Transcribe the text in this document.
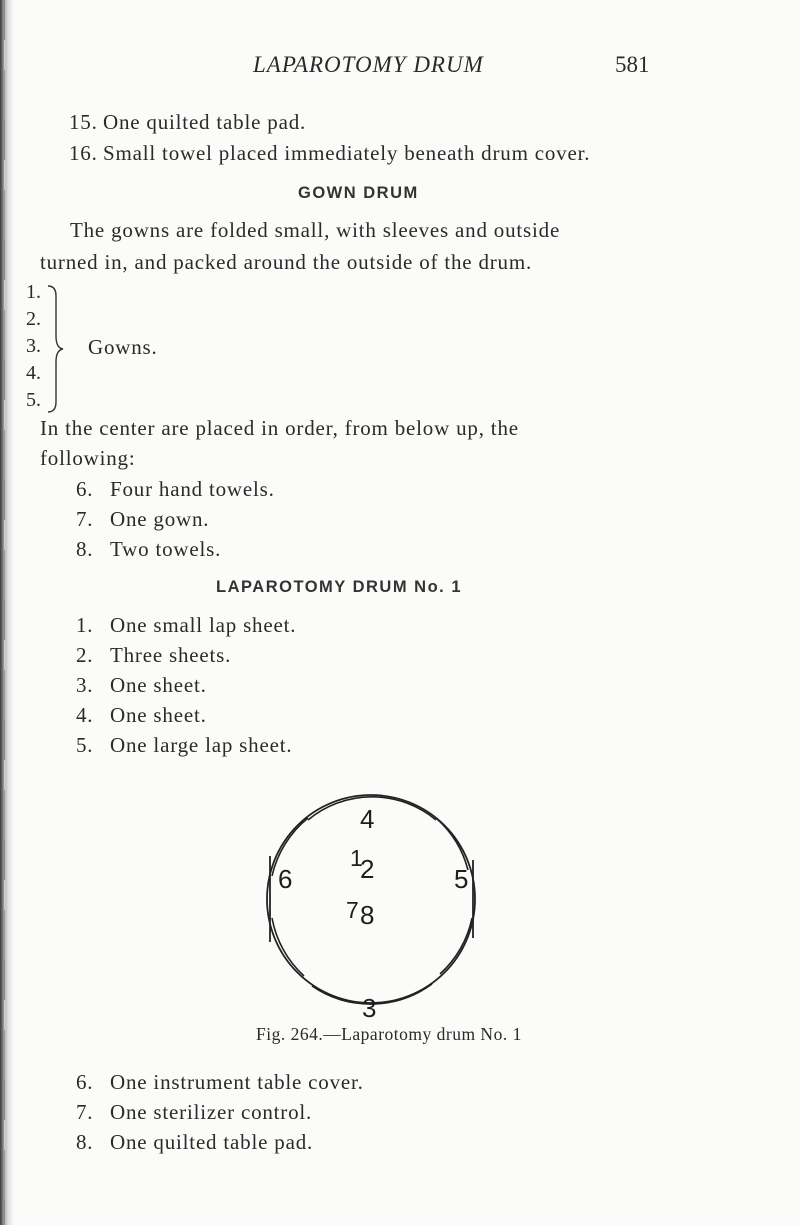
LAPAROTOMY DRUM	581
15. One quilted table pad.
16. Small towel placed immediately beneath drum cover.
GOWN DRUM
The gowns are folded small, with sleeves and outside
turned in, and packed around the outside of the drum.
1.
2.
3.
4.
5.
Gowns.
In the center are placed in order, from below up, the
following:
6. Four hand towels.
7. One gown.
8. Two towels.
LAPAROTOMY DRUM No. 1
1. One small lap sheet.
2. Three sheets.
3. One sheet.
4. One sheet.
5. One large lap sheet.
4
6	5
3
1
2
7 8
Fig. 264.—Laparotomy drum No. 1
6. One instrument table cover.
7. One sterilizer control.
8. One quilted table pad.
